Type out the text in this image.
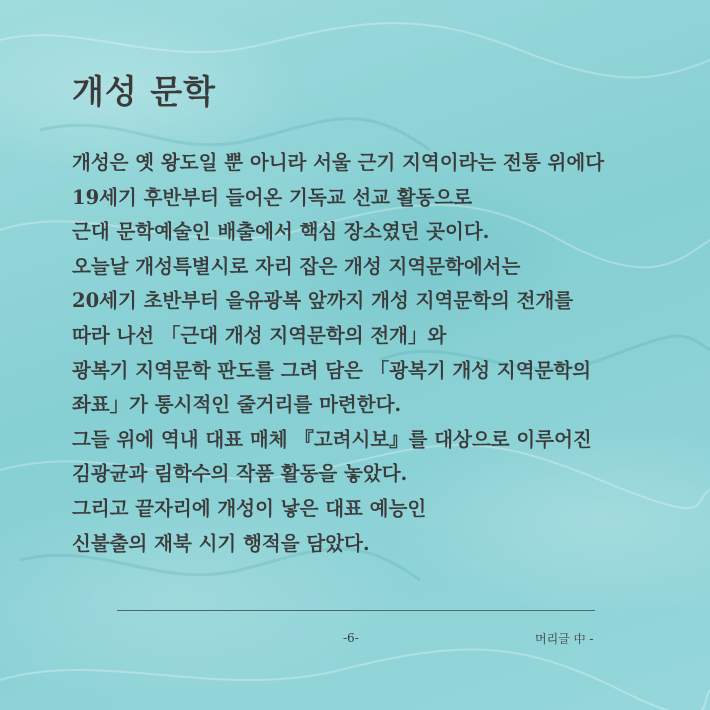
개성 문학
개성은 옛 왕도일 뿐 아니라 서울 근기 지역이라는 전통 위에다
19세기 후반부터 들어온 기독교 선교 활동으로
근대 문학예술인 배출에서 핵심 장소였던 곳이다.
오늘날 개성특별시로 자리 잡은 개성 지역문학에서는
20세기 초반부터 을유광복 앞까지 개성 지역문학의 전개를
따라 나선 「근대 개성 지역문학의 전개」와
광복기 지역문학 판도를 그려 담은 「광복기 개성 지역문학의
좌표」가 통시적인 줄거리를 마련한다.
그들 위에 역내 대표 매체 『고려시보』를 대상으로 이루어진
김광균과 림학수의 작품 활동을 놓았다.
그리고 끝자리에 개성이 낳은 대표 예능인
신불출의 재북 시기 행적을 담았다.
-6-	머리글 中 -
